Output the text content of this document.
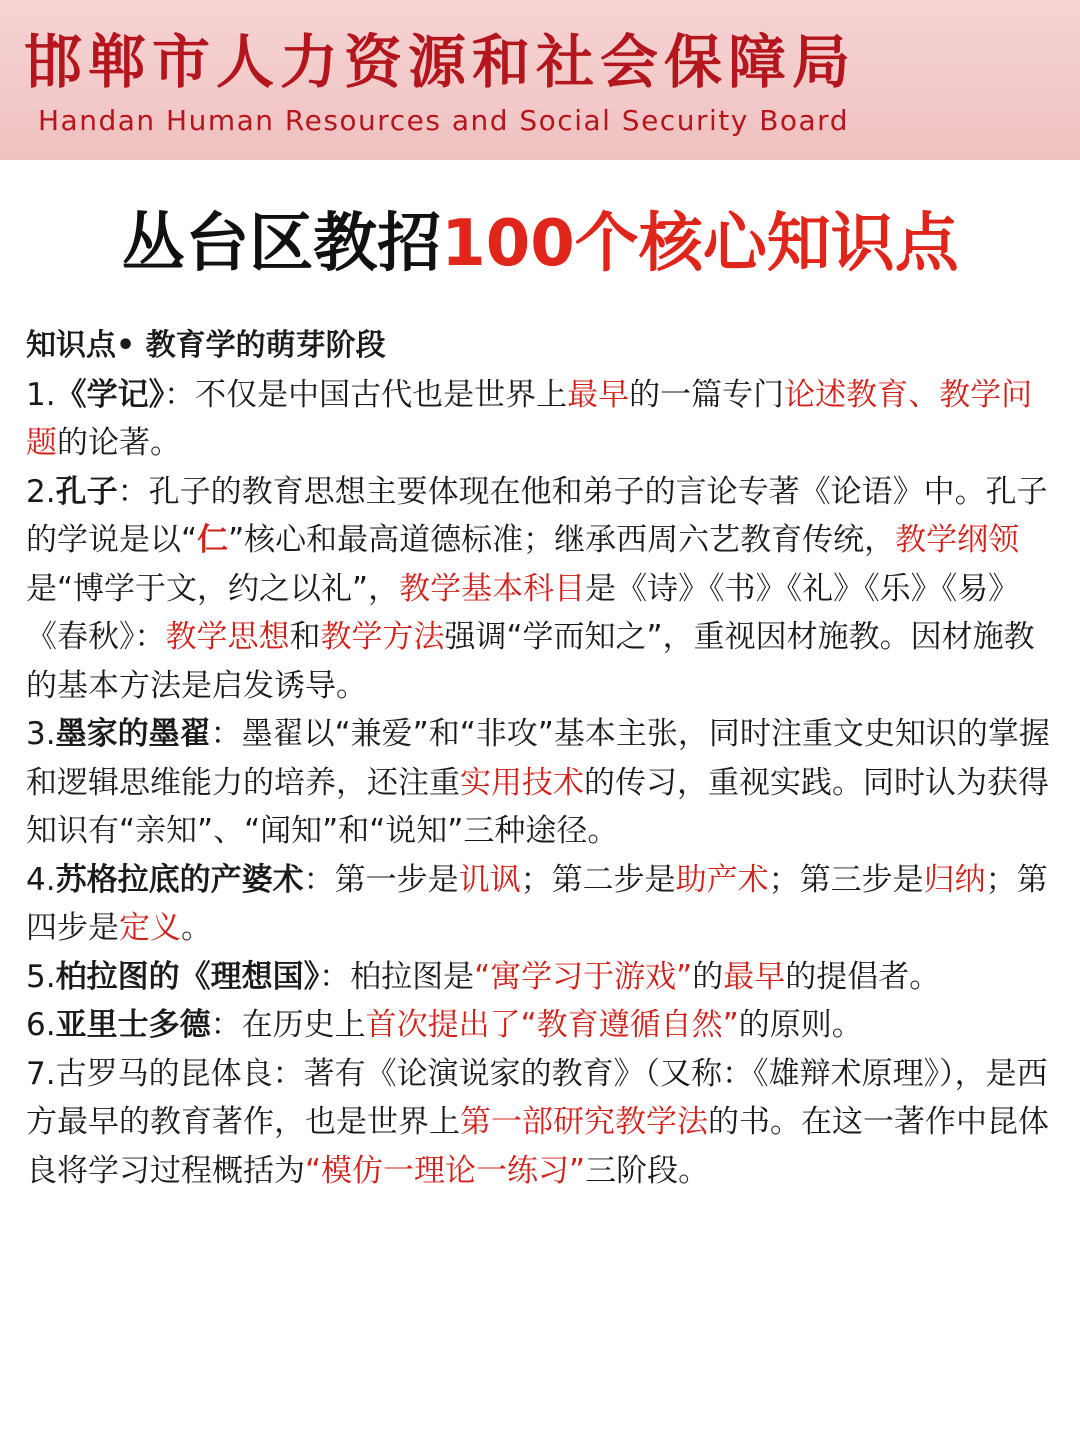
邯郸市人力资源和社会保障局
Handan Human Resources and Social Security Board
丛台区教招100个核心知识点

知识点• 教育学的萌芽阶段

1.《学记》：不仅是中国古代也是世界上最早的一篇专门论述教育、教学问题的论著。

2.孔子：孔子的教育思想主要体现在他和弟子的言论专著《论语》中。孔子的学说是以“仁”核心和最高道德标准；继承西周六艺教育传统，教学纲领是“博学于文，约之以礼”，教学基本科目是《诗》《书》《礼》《乐》《易》《春秋》：教学思想和教学方法强调“学而知之”，重视因材施教。因材施教的基本方法是启发诱导。

3.墨家的墨翟：墨翟以“兼爱”和“非攻”基本主张，同时注重文史知识的掌握和逻辑思维能力的培养，还注重实用技术的传习，重视实践。同时认为获得知识有“亲知”、“闻知”和“说知”三种途径。

4.苏格拉底的产婆术：第一步是讥讽；第二步是助产术；第三步是归纳；第四步是定义。

5.柏拉图的《理想国》：柏拉图是“寓学习于游戏”的最早的提倡者。

6.亚里士多德：在历史上首次提出了“教育遵循自然”的原则。

7.古罗马的昆体良：著有《论演说家的教育》（又称：《雄辩术原理》），是西方最早的教育著作，也是世界上第一部研究教学法的书。在这一著作中昆体良将学习过程概括为“模仿一理论一练习”三阶段。
